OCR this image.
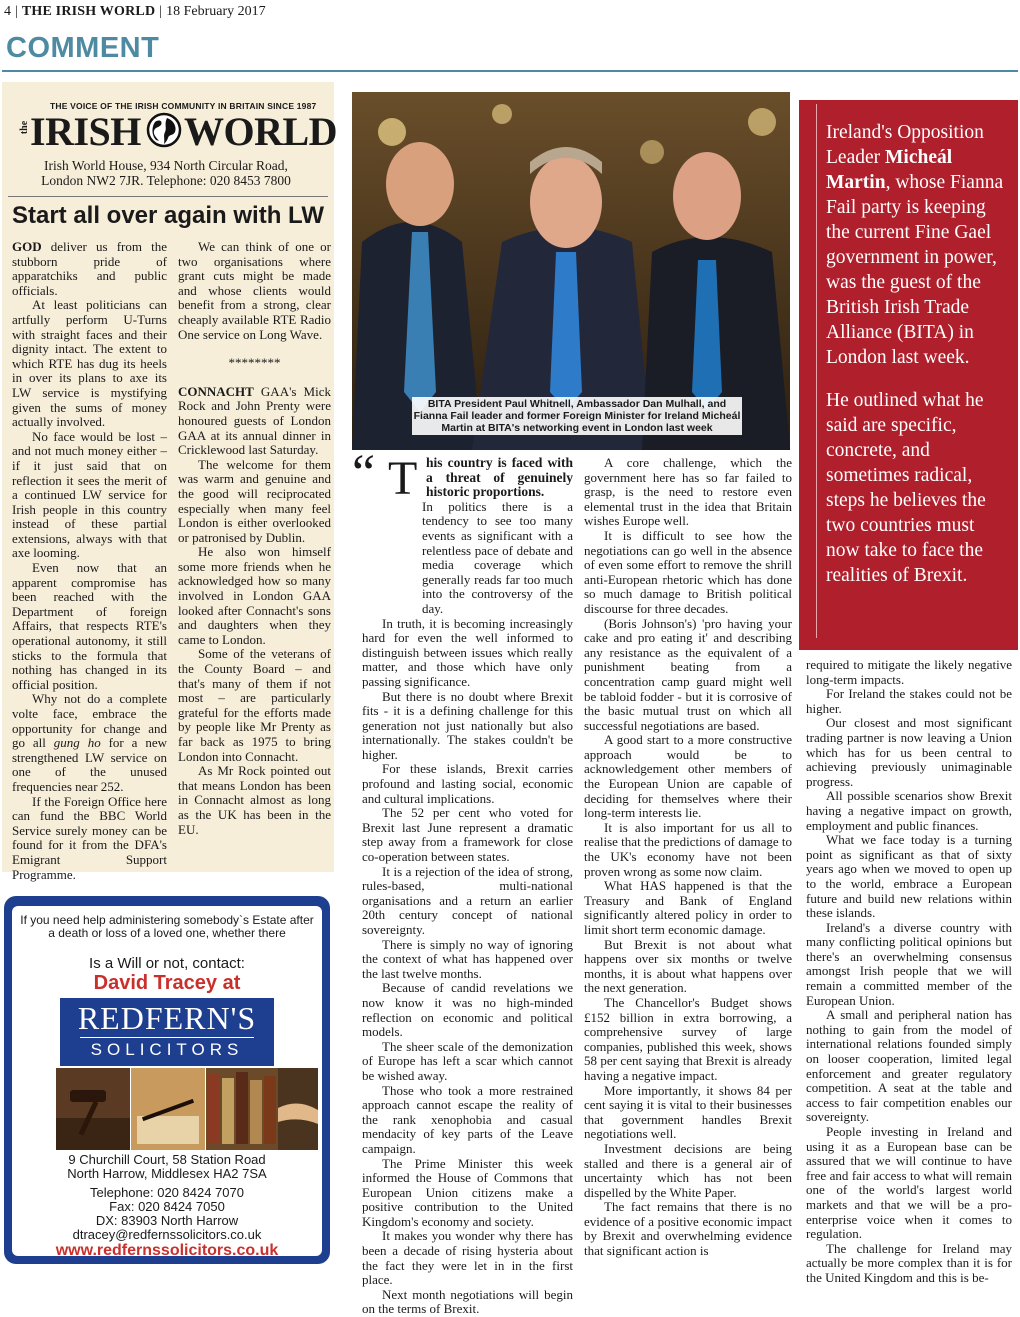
4 | THE IRISH WORLD | 18 February 2017
COMMENT
THE VOICE OF THE IRISH COMMUNITY IN BRITAIN SINCE 1987
the IRISH WORLD
Irish World House, 934 North Circular Road,
London NW2 7JR. Telephone: 020 8453 7800
Start all over again with LW

GOD deliver us from the stubborn pride of apparatchiks and public officials.

At least politicians can artfully perform U-Turns with straight faces and their dignity intact. The extent to which RTE has dug its heels in over its plans to axe its LW service is mystifying given the sums of money actually involved.

No face would be lost – and not much money either – if it just said that on reflection it sees the merit of a continued LW service for Irish people in this country instead of these partial extensions, always with that axe looming.

Even now that an apparent compromise has been reached with the Department of foreign Affairs, that respects RTE's operational autonomy, it still sticks to the formula that nothing has changed in its official position.

Why not do a complete volte face, embrace the opportunity for change and go all gung ho for a new strengthened LW service on one of the unused frequencies near 252.

If the Foreign Office here can fund the BBC World Service surely money can be found for it from the DFA's Emigrant Support Programme.

We can think of one or two organisations where grant cuts might be made and whose clients would benefit from a strong, clear cheaply available RTE Radio One service on Long Wave.

********

CONNACHT GAA's Mick Rock and John Prenty were honoured guests of London GAA at its annual dinner in Cricklewood last Saturday.

The welcome for them was warm and genuine and the good will reciprocated especially when many feel London is either overlooked or patronised by Dublin.

He also won himself some more friends when he acknowledged how so many involved in London GAA looked after Connacht's sons and daughters when they came to London.

Some of the veterans of the County Board – and that's many of them if not most – are particularly grateful for the efforts made by people like Mr Prenty as far back as 1975 to bring London into Connacht.

As Mr Rock pointed out that means London has been in Connacht almost as long as the UK has been in the EU.

If you need help administering somebody`s Estate after a death or loss of a loved one, whether there
Is a Will or not, contact:
David Tracey at
REDFERN'S
SOLICITORS
9 Churchill Court, 58 Station Road
North Harrow, Middlesex HA2 7SA
Telephone: 020 8424 7070
Fax: 020 8424 7050
DX: 83903 North Harrow
dtracey@redfernssolicitors.co.uk
www.redfernssolicitors.co.uk
BITA President Paul Whitnell, Ambassador Dan Mulhall, and Fianna Fail leader and former Foreign Minister for Ireland Micheál Martin at BITA's networking event in London last week

Ireland's Opposition Leader Micheál Martin, whose Fianna Fail party is keeping the current Fine Gael government in power, was the guest of the British Irish Trade Alliance (BITA) in London last week.

He outlined what he said are specific, concrete, and sometimes radical, steps he believes the two countries must now take to face the realities of Brexit.

“ T his country is faced with a threat of genuinely historic proportions.

In politics there is a tendency to see too many events as significant with a relentless pace of debate and media coverage which generally reads far too much into the controversy of the day.

In truth, it is becoming increasingly hard for even the well informed to distinguish between issues which really matter, and those which have only passing significance.

But there is no doubt where Brexit fits - it is a defining challenge for this generation not just nationally but also internationally. The stakes couldn't be higher.

For these islands, Brexit carries profound and lasting social, economic and cultural implications.

The 52 per cent who voted for Brexit last June represent a dramatic step away from a framework for close co-operation between states.

It is a rejection of the idea of strong, rules-based, multi-national organisations and a return an earlier 20th century concept of national sovereignty.

There is simply no way of ignoring the context of what has happened over the last twelve months.

Because of candid revelations we now know it was no high-minded reflection on economic and political models.

The sheer scale of the demonization of Europe has left a scar which cannot be wished away.

Those who took a more restrained approach cannot escape the reality of the rank xenophobia and casual mendacity of key parts of the Leave campaign.

The Prime Minister this week informed the House of Commons that European Union citizens make a positive contribution to the United Kingdom's economy and society.

It makes you wonder why there has been a decade of rising hysteria about the fact they were let in in the first place.

Next month negotiations will begin on the terms of Brexit.

A core challenge, which the government here has so far failed to grasp, is the need to restore even elemental trust in the idea that Britain wishes Europe well.

It is difficult to see how the negotiations can go well in the absence of even some effort to remove the shrill anti-European rhetoric which has done so much damage to British political discourse for three decades.

(Boris Johnson's) 'pro having your cake and pro eating it' and describing any resistance as the equivalent of a punishment beating from a concentration camp guard might well be tabloid fodder - but it is corrosive of the basic mutual trust on which all successful negotiations are based.

A good start to a more constructive approach would be to acknowledgement other members of the European Union are capable of deciding for themselves where their long-term interests lie.

It is also important for us all to realise that the predictions of damage to the UK's economy have not been proven wrong as some now claim.

What HAS happened is that the Treasury and Bank of England significantly altered policy in order to limit short term economic damage.

But Brexit is not about what happens over six months or twelve months, it is about what happens over the next generation.

The Chancellor's Budget shows £152 billion in extra borrowing, a comprehensive survey of large companies, published this week, shows 58 per cent saying that Brexit is already having a negative impact.

More importantly, it shows 84 per cent saying it is vital to their businesses that government handles Brexit negotiations well.

Investment decisions are being stalled and there is a general air of uncertainty which has not been dispelled by the White Paper.

The fact remains that there is no evidence of a positive economic impact by Brexit and overwhelming evidence that significant action is

required to mitigate the likely negative long-term impacts.

For Ireland the stakes could not be higher.

Our closest and most significant trading partner is now leaving a Union which has for us been central to achieving previously unimaginable progress.

All possible scenarios show Brexit having a negative impact on growth, employment and public finances.

What we face today is a turning point as significant as that of sixty years ago when we moved to open up to the world, embrace a European future and build new relations within these islands.

Ireland's a diverse country with many conflicting political opinions but there's an overwhelming consensus amongst Irish people that we will remain a committed member of the European Union.

A small and peripheral nation has nothing to gain from the model of international relations founded simply on looser cooperation, limited legal enforcement and greater regulatory competition. A seat at the table and access to fair competition enables our sovereignty.

People investing in Ireland and using it as a European base can be assured that we will continue to have free and fair access to what will remain one of the world's largest world markets and that we will be a pro-enterprise voice when it comes to regulation.

The challenge for Ireland may actually be more complex than it is for the United Kingdom and this is be-
